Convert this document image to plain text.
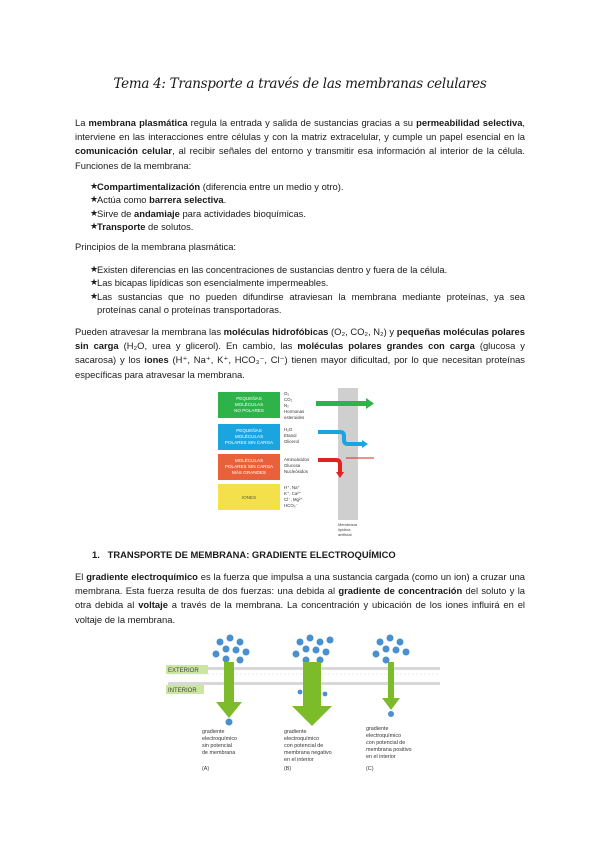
Tema 4: Transporte a través de las membranas celulares

La membrana plasmática regula la entrada y salida de sustancias gracias a su permeabilidad selectiva, interviene en las interacciones entre células y con la matriz extracelular, y cumple un papel esencial en la comunicación celular, al recibir señales del entorno y transmitir esa información al interior de la célula. Funciones de la membrana:

★
Compartimentalización (diferencia entre un medio y otro).
★
Actúa como barrera selectiva.
★
Sirve de andamiaje para actividades bioquímicas.
★
Transporte de solutos.

Principios de la membrana plasmática:

★
Existen diferencias en las concentraciones de sustancias dentro y fuera de la célula.
★
Las bicapas lipídicas son esencialmente impermeables.
★
Las sustancias que no pueden difundirse atraviesan la membrana mediante proteínas, ya sea proteínas canal o proteínas transportadoras.

Pueden atravesar la membrana las moléculas hidrofóbicas (O₂, CO₂, N₂) y pequeñas moléculas polares sin carga (H₂O, urea y glicerol). En cambio, las moléculas polares grandes con carga (glucosa y sacarosa) y los iones (H⁺, Na⁺, K⁺, HCO₃⁻, Cl⁻) tienen mayor dificultad, por lo que necesitan proteínas específicas para atravesar la membrana.

PEQUEÑAS
MOLÉCULAS
NO POLARES
O₂
CO₂
N₂
Hormonas
esteroides
PEQUEÑAS
MOLÉCULAS
POLARES SIN CARGA
H₂O
Etanol
Glicerol
MOLÉCULAS
POLARES SIN CARGA
MÁS GRANDES
Aminoácidos
Glucosa
Nucleósidos
IONES
H⁺, Na⁺
K⁺, Ca²⁺
Cl⁻, Mg²⁺
HCO₃⁻
Membrana
lipídica
artificial
1. TRANSPORTE DE MEMBRANA: GRADIENTE ELECTROQUÍMICO

El gradiente electroquímico es la fuerza que impulsa a una sustancia cargada (como un ion) a cruzar una membrana. Esta fuerza resulta de dos fuerzas: una debida al gradiente de concentración del soluto y la otra debida al voltaje a través de la membrana. La concentración y ubicación de los iones influirá en el voltaje de la membrana.

EXTERIOR
INTERIOR
gradiente
electroquímico
sin potencial
de membrana
(A)
gradiente
electroquímico
con potencial de
membrana negativo
en el interior
(B)
gradiente
electroquímico
con potencial de
membrana positivo
en el interior
(C)
